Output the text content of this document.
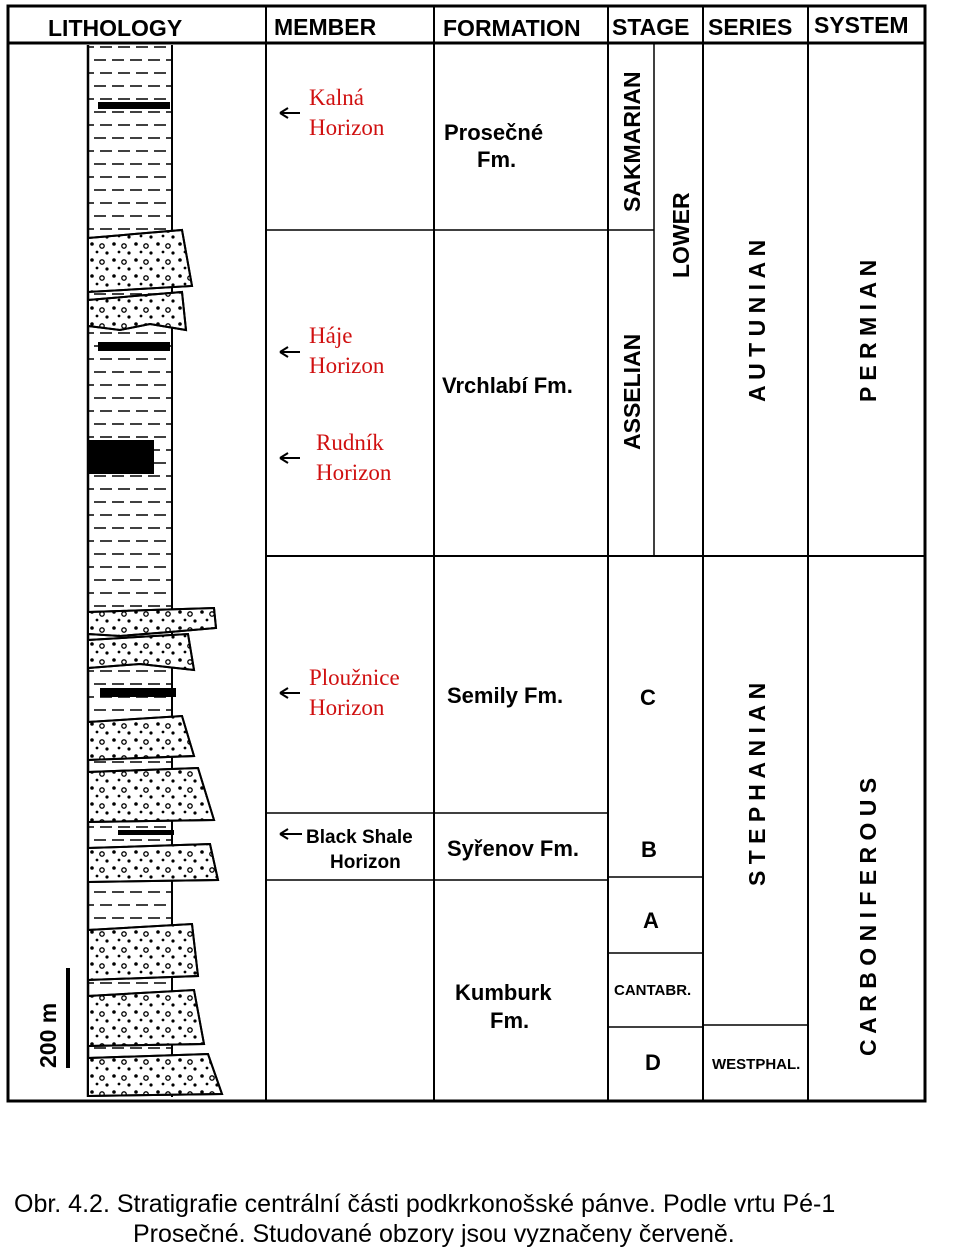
LITHOLOGY	MEMBER	FORMATION STAGE SERIES SYSTEM
200 m
Kalná
Horizon
Háje
Horizon
Rudník
Horizon
Ploužnice
Horizon
Black Shale
Horizon
Prosečné
Fm.
Vrchlabí Fm.
Semily Fm.
Syřenov Fm.
Kumburk
Fm.
SAKMARIAN
ASSELIAN
C
B
A
CANTABR.
D
LOWER
A U T U N I A N
S T E P H A N I A N
WESTPHAL.
P E R M I A N
C A R B O N I F E R O U S
Obr. 4.2. Stratigrafie centrální části podkrkonošské pánve. Podle vrtu Pé-1
Prosečné. Studované obzory jsou vyznačeny červeně.
